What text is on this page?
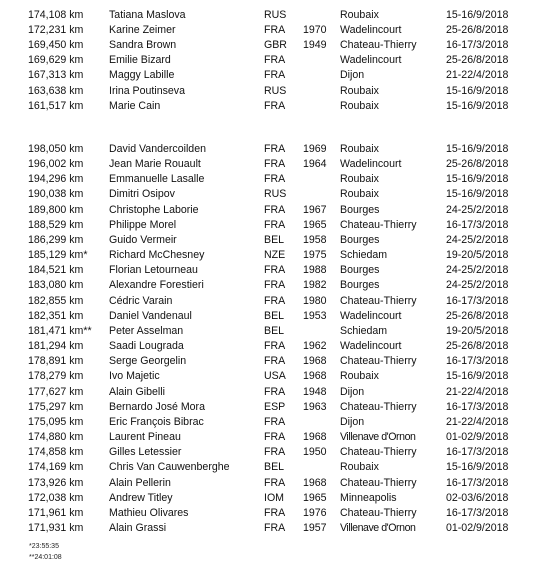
174,108 km Tatiana Maslova	RUS	Roubaix	15-16/9/2018
172,231 km Karine Zeimer	FRA 1970 Wadelincourt	25-26/8/2018
169,450 km Sandra Brown	GBR 1949 Chateau-Thierry	16-17/3/2018
169,629 km Emilie Bizard	FRA	Wadelincourt	25-26/8/2018
167,313 km Maggy Labille	FRA	Dijon	21-22/4/2018
163,638 km Irina Poutinseva	RUS	Roubaix	15-16/9/2018
161,517 km Marie Cain	FRA	Roubaix	15-16/9/2018
198,050 km David Vandercoilden	FRA 1969 Roubaix	15-16/9/2018
196,002 km Jean Marie Rouault	FRA 1964 Wadelincourt	25-26/8/2018
194,296 km Emmanuelle Lasalle	FRA	Roubaix	15-16/9/2018
190,038 km Dimitri Osipov	RUS	Roubaix	15-16/9/2018
189,800 km Christophe Laborie	FRA 1967 Bourges	24-25/2/2018
188,529 km Philippe Morel	FRA 1965 Chateau-Thierry	16-17/3/2018
186,299 km Guido Vermeir	BEL 1958 Bourges	24-25/2/2018
185,129 km* Richard McChesney	NZE 1975 Schiedam	19-20/5/2018
184,521 km Florian Letourneau	FRA 1988 Bourges	24-25/2/2018
183,080 km Alexandre Forestieri	FRA 1982 Bourges	24-25/2/2018
182,855 km Cédric Varain	FRA 1980 Chateau-Thierry	16-17/3/2018
182,351 km Daniel Vandenaul	BEL 1953 Wadelincourt	25-26/8/2018
181,471 km** Peter Asselman	BEL	Schiedam	19-20/5/2018
181,294 km Saadi Lougrada	FRA 1962 Wadelincourt	25-26/8/2018
178,891 km Serge Georgelin	FRA 1968 Chateau-Thierry	16-17/3/2018
178,279 km Ivo Majetic	USA 1968 Roubaix	15-16/9/2018
177,627 km Alain Gibelli	FRA 1948 Dijon	21-22/4/2018
175,297 km Bernardo José Mora	ESP 1963 Chateau-Thierry	16-17/3/2018
175,095 km Eric François Bibrac	FRA	Dijon	21-22/4/2018
174,880 km Laurent Pineau	FRA 1968 Villenave d'Ornon	01-02/9/2018
174,858 km Gilles Letessier	FRA 1950 Chateau-Thierry	16-17/3/2018
174,169 km Chris Van Cauwenberghe	BEL	Roubaix	15-16/9/2018
173,926 km Alain Pellerin	FRA 1968 Chateau-Thierry	16-17/3/2018
172,038 km Andrew Titley	IOM 1965 Minneapolis	02-03/6/2018
171,961 km Mathieu Olivares	FRA 1976 Chateau-Thierry	16-17/3/2018
171,931 km Alain Grassi	FRA 1957 Villenave d'Ornon	01-02/9/2018
*23:55:35
**24:01:08
